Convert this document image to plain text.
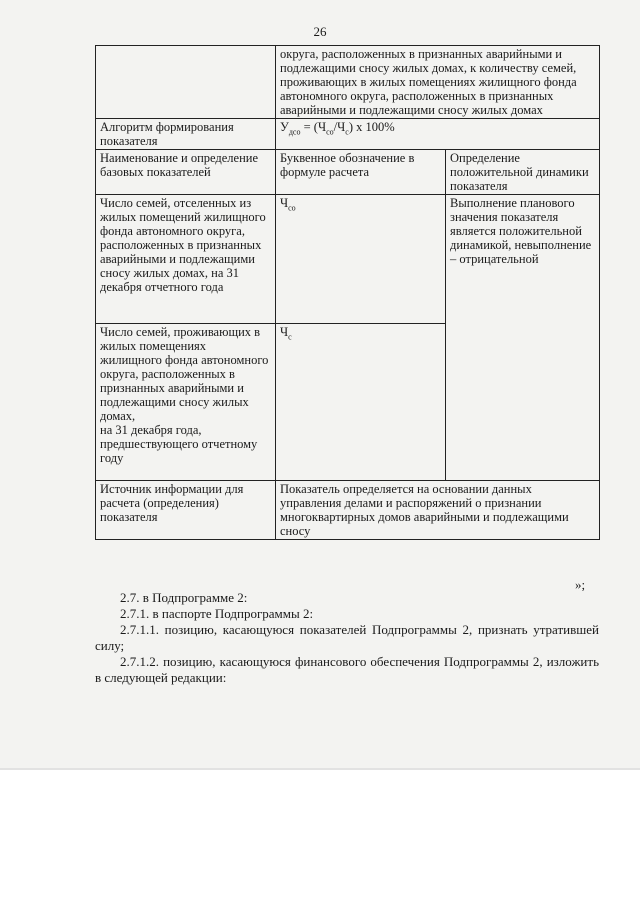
26
	округа, расположенных в признанных аварийными и подлежащими сносу жилых домах, к количеству семей, проживающих в жилых помещениях жилищного фонда автономного округа, расположенных в признанных аварийными и подлежащими сносу жилых домах	
Алгоритм формирования показателя	$У_{дсо} = (Ч_{со}/Ч_с)$ x 100%	
Наименование и определение базовых показателей	Буквенное обозначение в формуле расчета	Определение положительной динамики показателя
Число семей, отселенных из жилых помещений жилищного фонда автономного округа, расположенных в признанных аварийными и подлежащими сносу жилых домах, на 31 декабря отчетного года	$Ч_{со}$	Выполнение планового значения показателя является положительной динамикой, невыполнение – отрицательной
Число семей, проживающих в жилых помещениях жилищного фонда автономного округа, расположенных в признанных аварийными и подлежащими сносу жилых домах,
на 31 декабря года, предшествующего отчетному году	$Ч_с$
Источник информации для расчета (определения) показателя	Показатель определяется на основании данных управления делами и распоряжений о признании многоквартирных домов аварийными и подлежащими сносу	
»;
2.7. в Подпрограмме 2:
2.7.1. в паспорте Подпрограммы 2:
2.7.1.1. позицию, касающуюся показателей Подпрограммы 2, признать утратившей силу;
2.7.1.2. позицию, касающуюся финансового обеспечения Подпрограммы 2, изложить в следующей редакции:
